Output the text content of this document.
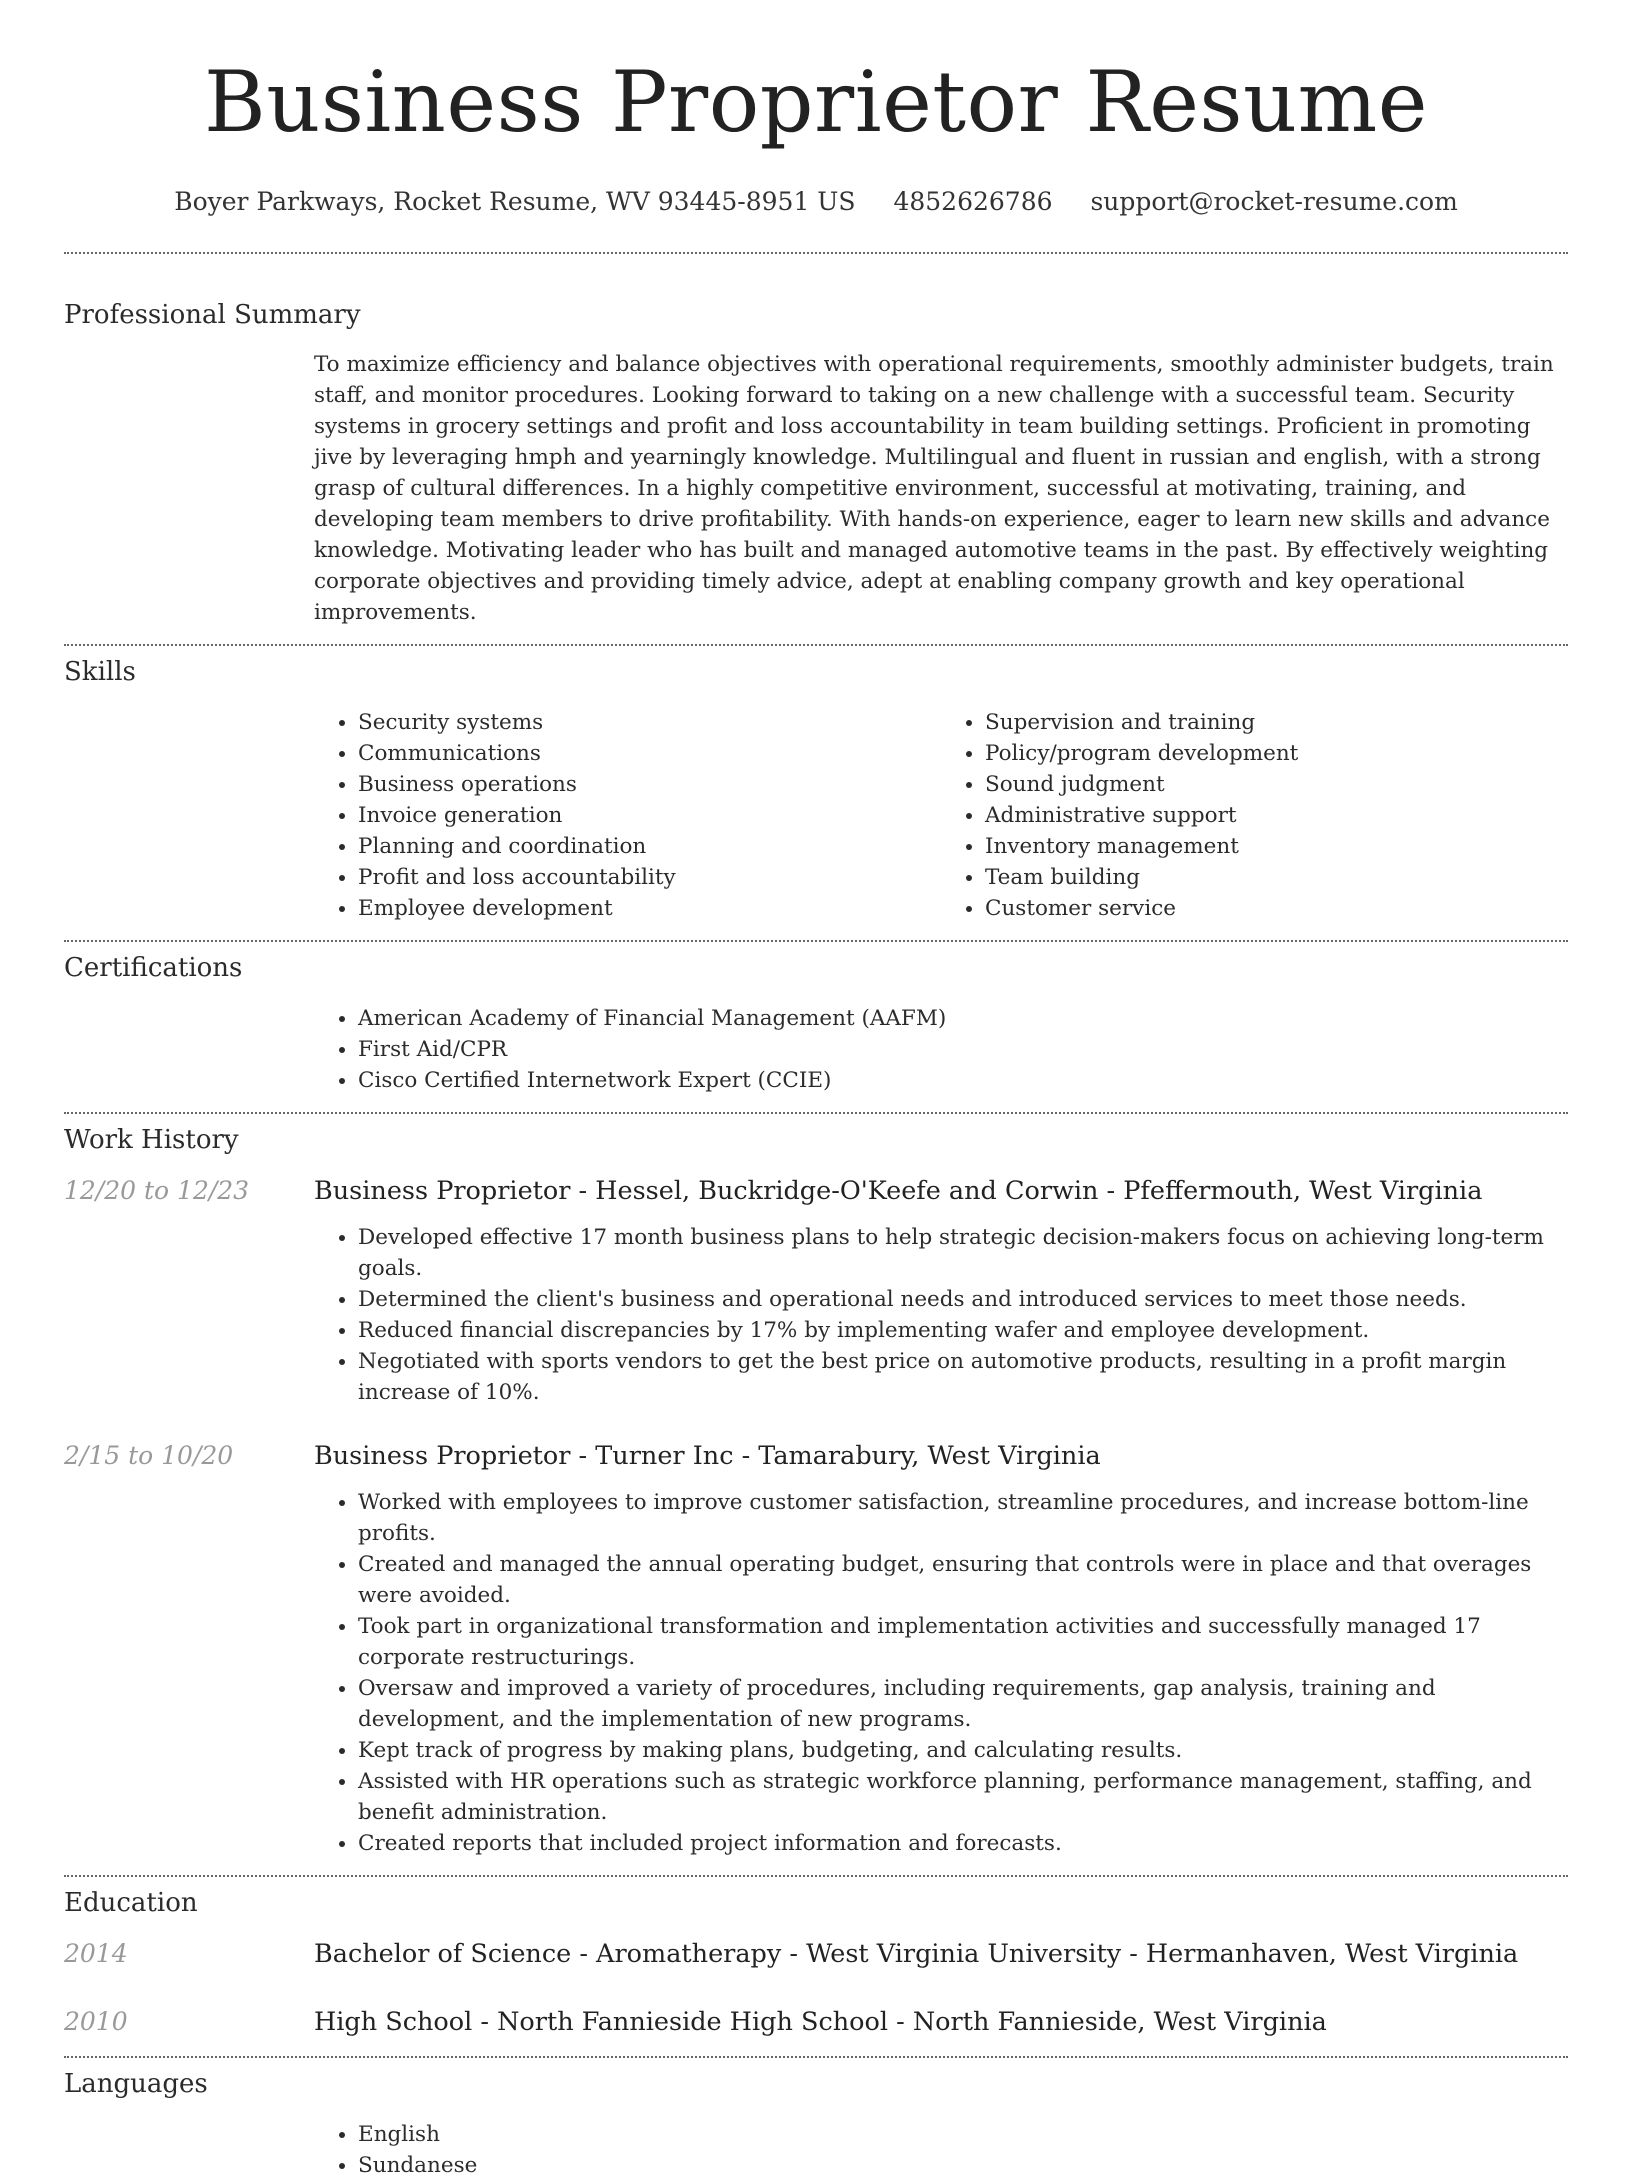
Business Proprietor Resume
Boyer Parkways, Rocket Resume, WV 93445-8951 US 4852626786 support@rocket-resume.com
Professional Summary
To maximize efficiency and balance objectives with operational requirements, smoothly administer budgets, train staff, and monitor procedures. Looking forward to taking on a new challenge with a successful team. Security systems in grocery settings and profit and loss accountability in team building settings. Proficient in promoting jive by leveraging hmph and yearningly knowledge. Multilingual and fluent in russian and english, with a strong grasp of cultural differences. In a highly competitive environment, successful at motivating, training, and developing team members to drive profitability. With hands-on experience, eager to learn new skills and advance knowledge. Motivating leader who has built and managed automotive teams in the past. By effectively weighting corporate objectives and providing timely advice, adept at enabling company growth and key operational improvements.
Skills
• Security systems
• Communications
• Business operations
• Invoice generation
• Planning and coordination
• Profit and loss accountability
• Employee development
• Supervision and training
• Policy/program development
• Sound judgment
• Administrative support
• Inventory management
• Team building
• Customer service
Certifications
• American Academy of Financial Management (AAFM)
• First Aid/CPR
• Cisco Certified Internetwork Expert (CCIE)
Work History
12/20 to 12/23	Business Proprietor - Hessel, Buckridge-O'Keefe and Corwin - Pfeffermouth, West Virginia
• Developed effective 17 month business plans to help strategic decision-makers focus on achieving long-term goals.
• Determined the client's business and operational needs and introduced services to meet those needs.
• Reduced financial discrepancies by 17% by implementing wafer and employee development.
• Negotiated with sports vendors to get the best price on automotive products, resulting in a profit margin increase of 10%.
2/15 to 10/20	Business Proprietor - Turner Inc - Tamarabury, West Virginia
• Worked with employees to improve customer satisfaction, streamline procedures, and increase bottom-line profits.
• Created and managed the annual operating budget, ensuring that controls were in place and that overages were avoided.
• Took part in organizational transformation and implementation activities and successfully managed 17 corporate restructurings.
• Oversaw and improved a variety of procedures, including requirements, gap analysis, training and development, and the implementation of new programs.
• Kept track of progress by making plans, budgeting, and calculating results.
• Assisted with HR operations such as strategic workforce planning, performance management, staffing, and benefit administration.
• Created reports that included project information and forecasts.
Education
2014	Bachelor of Science - Aromatherapy - West Virginia University - Hermanhaven, West Virginia
2010	High School - North Fannieside High School - North Fannieside, West Virginia
Languages
• English
• Sundanese
